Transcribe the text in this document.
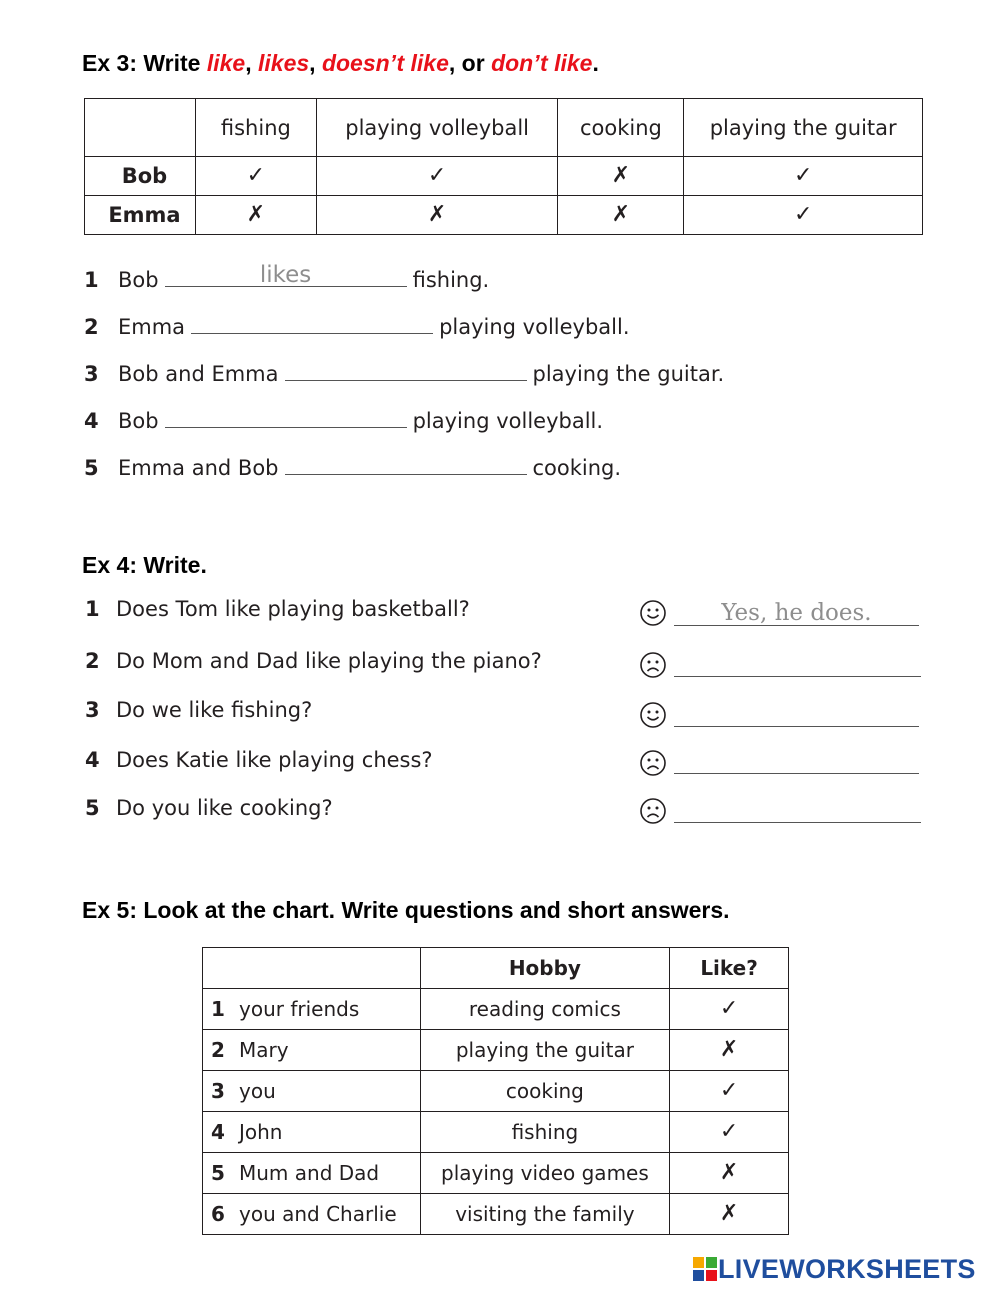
Ex 3: Write like, likes, doesn’t like, or don’t like.
	fishing	playing volleyball	cooking	playing the guitar
Bob	✓	✓	✗	✓
Emma	✗	✗	✗	✓
1 Bob	likes	fishing.
2 Emma	playing volleyball.
3 Bob and Emma	playing the guitar.
4 Bob	playing volleyball.
5 Emma and Bob	cooking.
Ex 4: Write.
1 Does Tom like playing basketball?
2 Do Mom and Dad like playing the piano?
3 Do we like fishing?
4 Does Katie like playing chess?
5 Do you like cooking?
Yes, he does.
Ex 5: Look at the chart. Write questions and short answers.
	Hobby	Like?
1 your friends	reading comics	✓
2 Mary	playing the guitar	✗
3 you	cooking	✓
4 John	fishing	✓
5 Mum and Dad	playing video games	✗
6 you and Charlie	visiting the family	✗
LIVEWORKSHEETS
